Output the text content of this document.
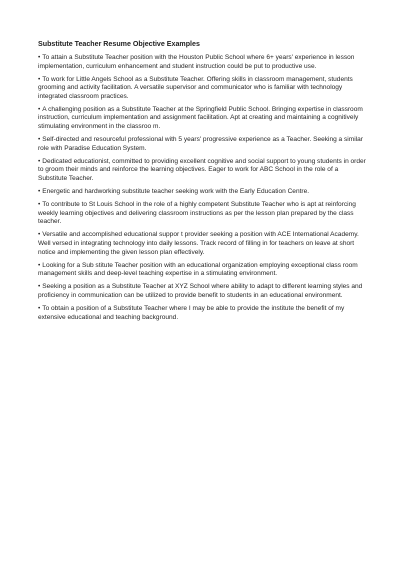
Substitute Teacher Resume Objective Examples
• To attain a Substitute Teacher position with the Houston Public School where 6+ years' experience in lesson implementation, curriculum enhancement and student instruction could be put to productive use.
• To work for Little Angels School as a Substitute Teacher. Offering skills in classroom management, students grooming and activity facilitation. A versatile supervisor and communicator who is familiar with technology integrated classroom practices.
• A challenging position as a Substitute Teacher at the Springfield Public School. Bringing expertise in classroom instruction, curriculum implementation and assignment facilitation. Apt at creating and maintaining a cognitively stimulating environment in the classroo m.
• Self-directed and resourceful professional with 5 years' progressive experience as a Teacher. Seeking a similar role with Paradise Education System.
• Dedicated educationist, committed to providing excellent cognitive and social support to young students in order to groom their minds and reinforce the learning objectives. Eager to work for ABC School in the role of a Substitute Teacher.
• Energetic and hardworking substitute teacher seeking work with the Early Education Centre.
• To contribute to St Louis School in the role of a highly competent Substitute Teacher who is apt at reinforcing weekly learning objectives and delivering classroom instructions as per the lesson plan prepared by the class teacher.
• Versatile and accomplished educational suppor t provider seeking a position with ACE International Academy. Well versed in integrating technology into daily lessons. Track record of filling in for teachers on leave at short notice and implementing the given lesson plan effectively.
• Looking for a Sub stitute Teacher position with an educational organization employing exceptional class room management skills and deep-level teaching expertise in a stimulating environment.
• Seeking a position as a Substitute Teacher at XYZ School where ability to adapt to different learning styles and proficiency in communication can be utilized to provide benefit to students in an educational environment.
• To obtain a position of a Substitute Teacher where I may be able to provide the institute the benefit of my extensive educational and teaching background.
